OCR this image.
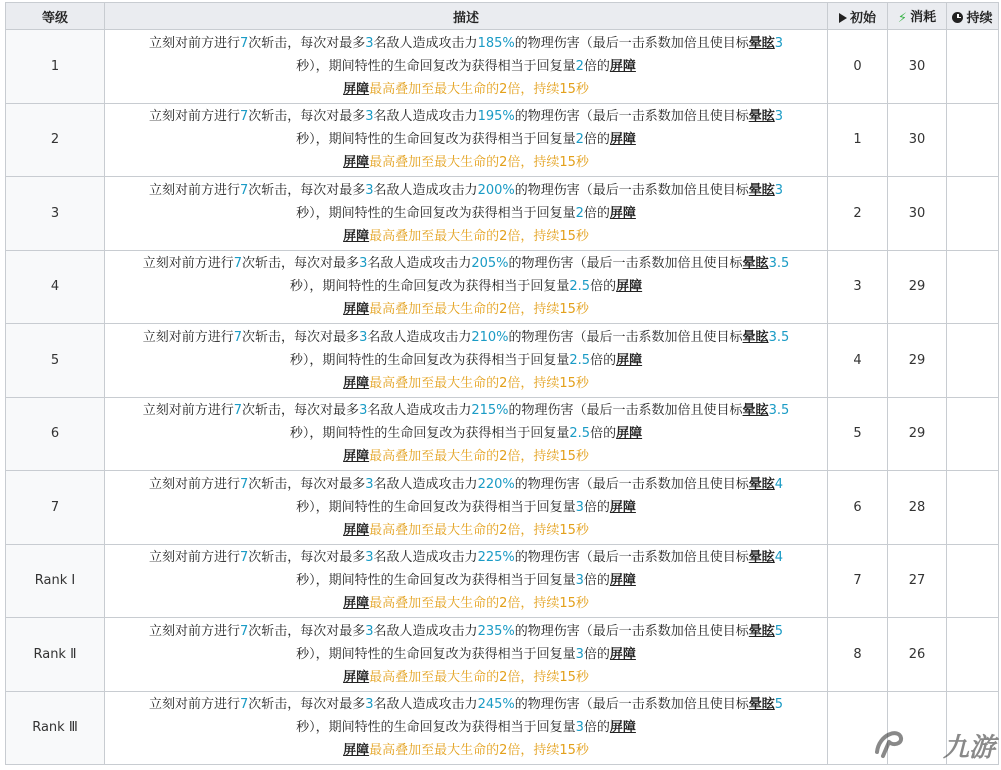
等级	描述	初始	⚡ 消耗	持续
1	立刻对前方进行7次斩击，每次对最多3名敌人造成攻击力185%的物理伤害（最后一击系数加倍且使目标晕眩3
秒），期间特性的生命回复改为获得相当于回复量2倍的屏障
屏障最高叠加至最大生命的2倍，持续15秒	0	30	
2	立刻对前方进行7次斩击，每次对最多3名敌人造成攻击力195%的物理伤害（最后一击系数加倍且使目标晕眩3
秒），期间特性的生命回复改为获得相当于回复量2倍的屏障
屏障最高叠加至最大生命的2倍，持续15秒	1	30	
3	立刻对前方进行7次斩击，每次对最多3名敌人造成攻击力200%的物理伤害（最后一击系数加倍且使目标晕眩3
秒），期间特性的生命回复改为获得相当于回复量2倍的屏障
屏障最高叠加至最大生命的2倍，持续15秒	2	30	
4	立刻对前方进行7次斩击，每次对最多3名敌人造成攻击力205%的物理伤害（最后一击系数加倍且使目标晕眩3.5
秒），期间特性的生命回复改为获得相当于回复量2.5倍的屏障
屏障最高叠加至最大生命的2倍，持续15秒	3	29	
5	立刻对前方进行7次斩击，每次对最多3名敌人造成攻击力210%的物理伤害（最后一击系数加倍且使目标晕眩3.5
秒），期间特性的生命回复改为获得相当于回复量2.5倍的屏障
屏障最高叠加至最大生命的2倍，持续15秒	4	29	
6	立刻对前方进行7次斩击，每次对最多3名敌人造成攻击力215%的物理伤害（最后一击系数加倍且使目标晕眩3.5
秒），期间特性的生命回复改为获得相当于回复量2.5倍的屏障
屏障最高叠加至最大生命的2倍，持续15秒	5	29	
7	立刻对前方进行7次斩击，每次对最多3名敌人造成攻击力220%的物理伤害（最后一击系数加倍且使目标晕眩4
秒），期间特性的生命回复改为获得相当于回复量3倍的屏障
屏障最高叠加至最大生命的2倍，持续15秒	6	28	
Rank Ⅰ	立刻对前方进行7次斩击，每次对最多3名敌人造成攻击力225%的物理伤害（最后一击系数加倍且使目标晕眩4
秒），期间特性的生命回复改为获得相当于回复量3倍的屏障
屏障最高叠加至最大生命的2倍，持续15秒	7	27	
Rank Ⅱ	立刻对前方进行7次斩击，每次对最多3名敌人造成攻击力235%的物理伤害（最后一击系数加倍且使目标晕眩5
秒），期间特性的生命回复改为获得相当于回复量3倍的屏障
屏障最高叠加至最大生命的2倍，持续15秒	8	26	
Rank Ⅲ	立刻对前方进行7次斩击，每次对最多3名敌人造成攻击力245%的物理伤害（最后一击系数加倍且使目标晕眩5
秒），期间特性的生命回复改为获得相当于回复量3倍的屏障
屏障最高叠加至最大生命的2倍，持续15秒				九游
